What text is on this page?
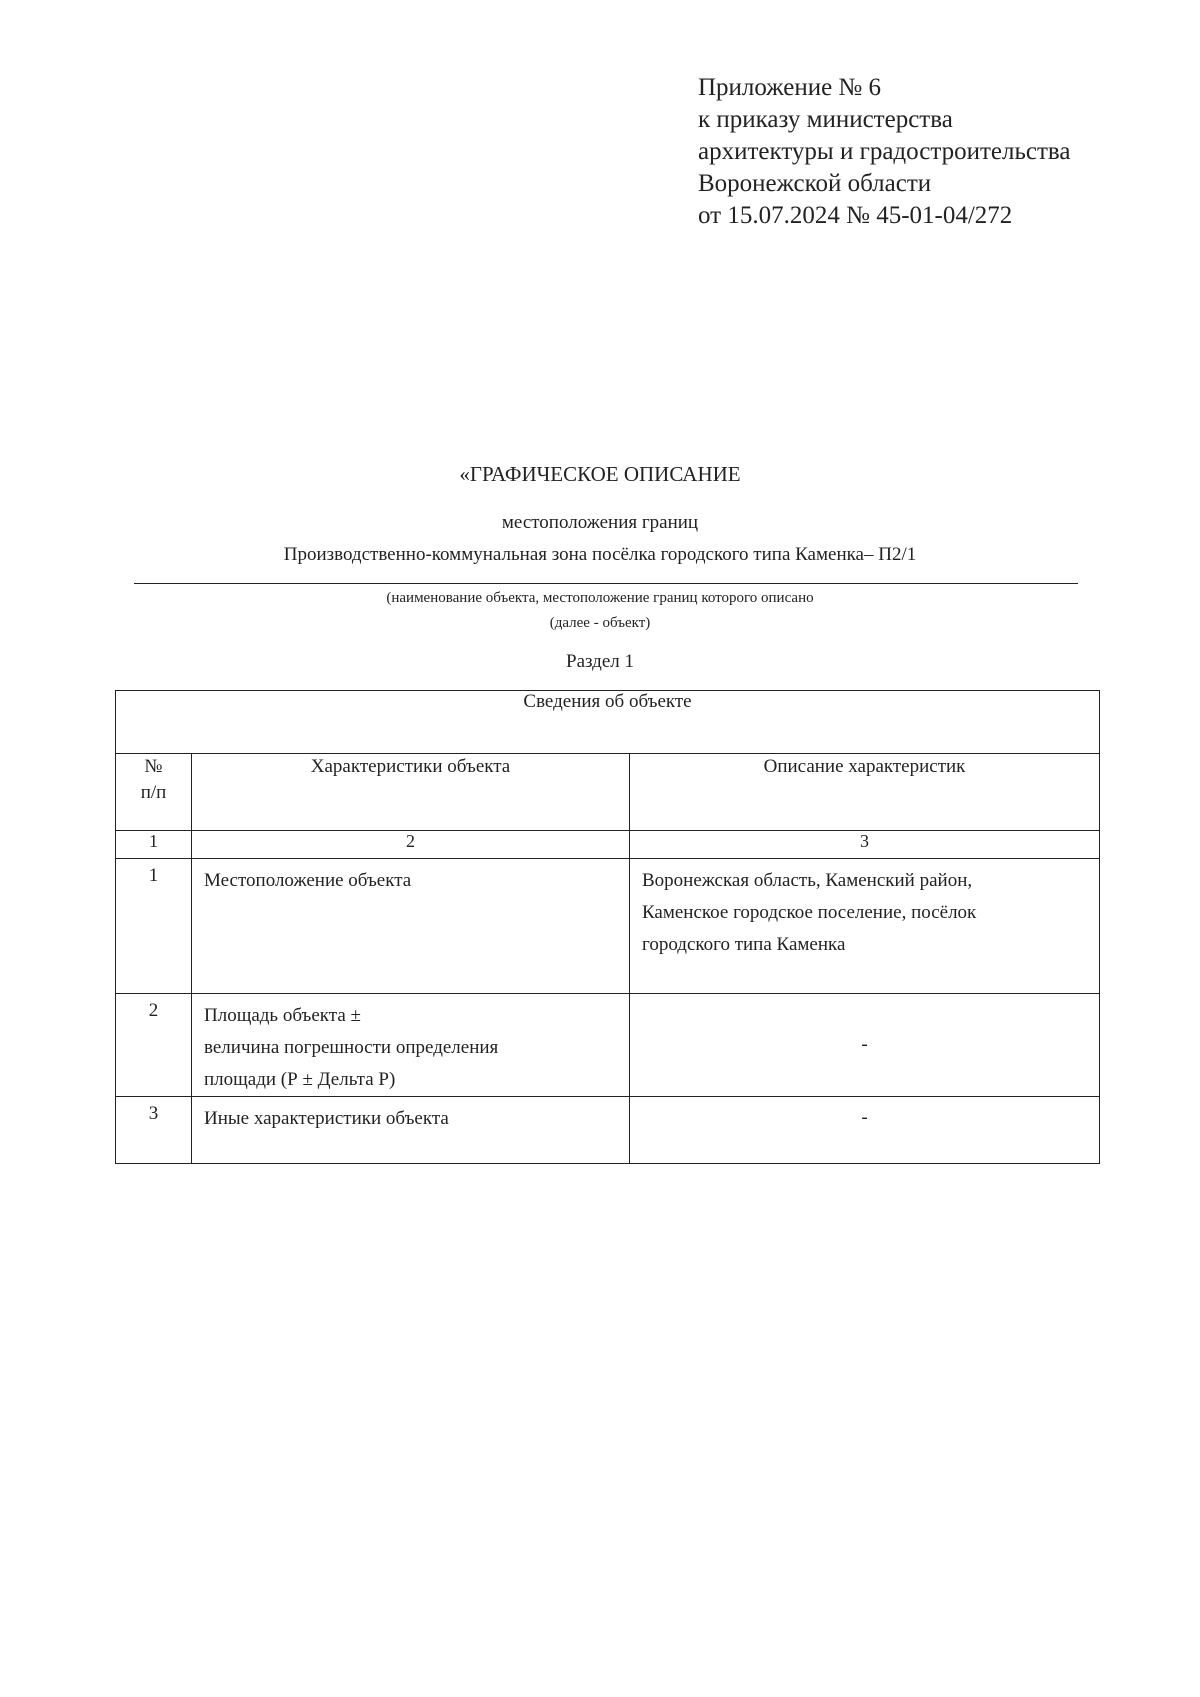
Приложение № 6
к приказу министерства
архитектуры и градостроительства
Воронежской области
от 15.07.2024 № 45-01-04/272
«ГРАФИЧЕСКОЕ ОПИСАНИЕ
местоположения границ
Производственно-коммунальная зона посёлка городского типа Каменка– П2/1
(наименование объекта, местоположение границ которого описано
(далее - объект)
Раздел 1
Сведения об объекте		

№
п/п	Характеристики объекта	Описание характеристик
1	2	3
1	Местоположение объекта	Воронежская область, Каменский район,
Каменское городское поселение, посёлок
городского типа Каменка

2	Площадь объекта ±
величина погрешности определения
площади (Р ± Дельта Р)	-
3	Иные характеристики объекта	-
